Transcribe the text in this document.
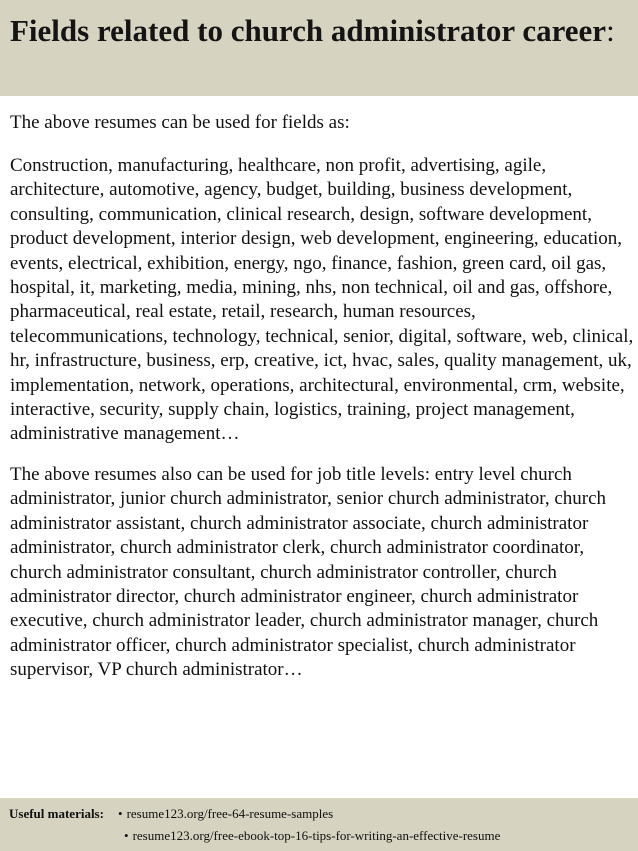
Fields related to church administrator career:

The above resumes can be used for fields as:

Construction, manufacturing, healthcare, non profit, advertising, agile, architecture, automotive, agency, budget, building, business development, consulting, communication, clinical research, design, software development, product development, interior design, web development, engineering, education, events, electrical, exhibition, energy, ngo, finance, fashion, green card, oil gas, hospital, it, marketing, media, mining, nhs, non technical, oil and gas, offshore, pharmaceutical, real estate, retail, research, human resources, telecommunications, technology, technical, senior, digital, software, web, clinical, hr, infrastructure, business, erp, creative, ict, hvac, sales, quality management, uk, implementation, network, operations, architectural, environmental, crm, website, interactive, security, supply chain, logistics, training, project management, administrative management…

The above resumes also can be used for job title levels: entry level church administrator, junior church administrator, senior church administrator, church administrator assistant, church administrator associate, church administrator administrator, church administrator clerk, church administrator coordinator, church administrator consultant, church administrator controller, church administrator director, church administrator engineer, church administrator executive, church administrator leader, church administrator manager, church administrator officer, church administrator specialist, church administrator supervisor, VP church administrator…

Useful materials: • resume123.org/free-64-resume-samples
• resume123.org/free-ebook-top-16-tips-for-writing-an-effective-resume
